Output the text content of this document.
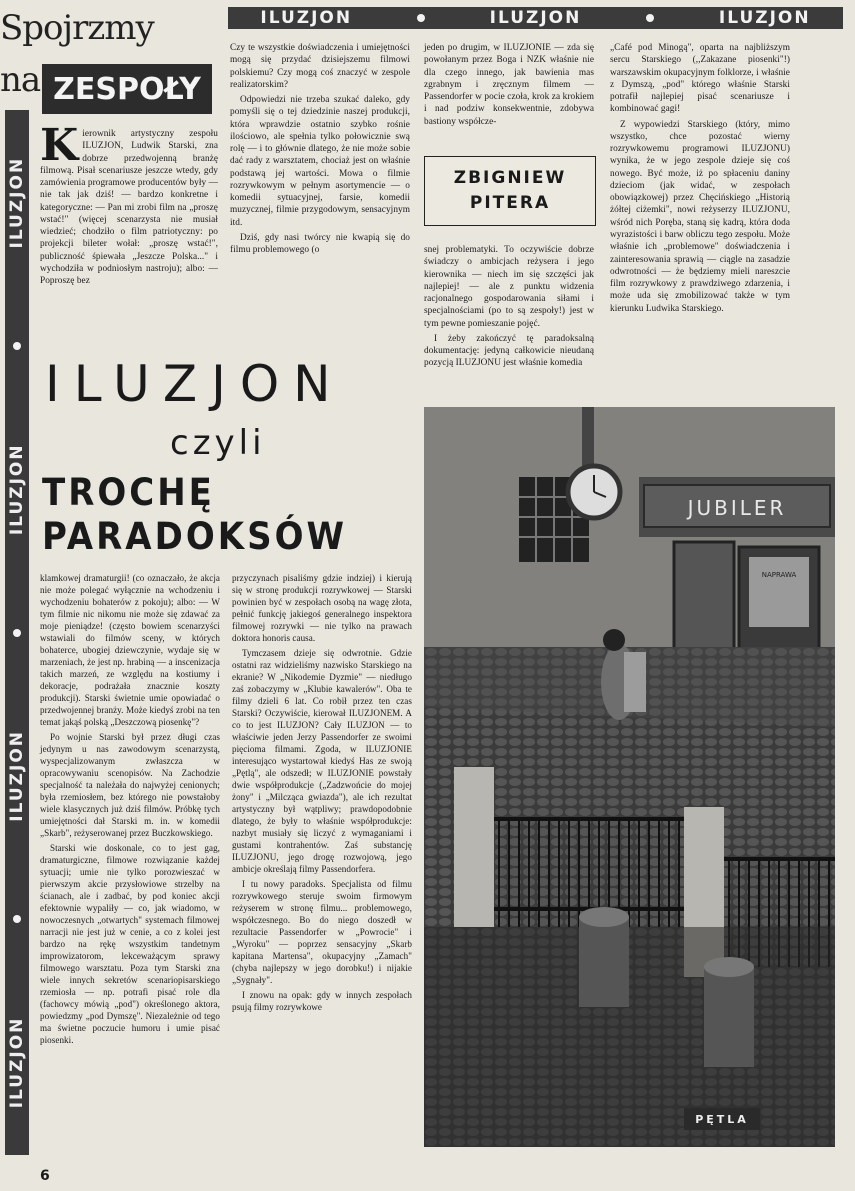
ILUZJON	ILUZJON	ILUZJON
Spojrzmy
na ZESPOŁY
ILUZJON
ILUZJON
ILUZJON
ILUZJON

Kierownik artystyczny zespołu ILUZJON, Ludwik Starski, zna dobrze przedwojenną branżę filmową. Pisał scenariusze jeszcze wtedy, gdy zamówienia programowe producentów były — nie tak jak dziś! — bardzo konkretne i kategoryczne: — Pan mi zrobi film na „proszę wstać!" (więcej scenarzysta nie musiał wiedzieć; chodziło o film patriotyczny: po projekcji bileter wołał: „proszę wstać!", publiczność śpiewała „Jeszcze Polska..." i wychodziła w podniosłym nastroju); albo: — Poproszę bez

Czy te wszystkie doświadczenia i umiejętności mogą się przydać dzisiejszemu filmowi polskiemu? Czy mogą coś znaczyć w zespole realizatorskim?

Odpowiedzi nie trzeba szukać daleko, gdy pomyśli się o tej dziedzinie naszej produkcji, która wprawdzie ostatnio szybko rośnie ilościowo, ale spełnia tylko połowicznie swą rolę — i to głównie dlatego, że nie może sobie dać rady z warsztatem, chociaż jest on właśnie podstawą jej wartości. Mowa o filmie rozrywkowym w pełnym asortymencie — o komedii sytuacyjnej, farsie, komedii muzycznej, filmie przygodowym, sensacyjnym itd.

Dziś, gdy nasi twórcy nie kwapią się do filmu problemowego (o

jeden po drugim, w ILUZJONIE — zda się powołanym przez Boga i NZK właśnie nie dla czego innego, jak bawienia mas zgrabnym i zręcznym filmem — Passendorfer w pocie czoła, krok za krokiem i nad podziw konsekwentnie, zdobywa bastiony współcze-

ZBIGNIEW
PITERA

snej problematyki. To oczywiście dobrze świadczy o ambicjach reżysera i jego kierownika — niech im się szczęści jak najlepiej! — ale z punktu widzenia racjonalnego gospodarowania siłami i specjalnościami (po to są zespoły!) jest w tym pewne pomieszanie pojęć.

I żeby zakończyć tę paradoksalną dokumentację: jedyną całkowicie nieudaną pozycją ILUZJONU jest właśnie komedia

„Café pod Minogą", oparta na najbliższym sercu Starskiego (,,Zakazane piosenki"!) warszawskim okupacyjnym folklorze, i właśnie z Dymszą, „pod" którego właśnie Starski potrafił najlepiej pisać scenariusze i kombinować gagi!

Z wypowiedzi Starskiego (który, mimo wszystko, chce pozostać wierny rozrywkowemu programowi ILUZJONU) wynika, że w jego zespole dzieje się coś nowego. Być może, iż po spłaceniu daniny dzieciom (jak widać, w zespołach obowiązkowej) przez Chęcińskiego „Historią żółtej ciżemki", nowi reżyserzy ILUZJONU, wśród nich Poręba, staną się kadrą, która doda wyrazistości i barw obliczu tego zespołu. Może właśnie ich „problemowe" doświadczenia i zainteresowania sprawią — ciągle na zasadzie odwrotności — że będziemy mieli nareszcie film rozrywkowy z prawdziwego zdarzenia, i może uda się zmobilizować także w tym kierunku Ludwika Starskiego.

ILUZJON
czyli
TROCHĘ PARADOKSÓW

klamkowej dramaturgii! (co oznaczało, że akcja nie może polegać wyłącznie na wchodzeniu i wychodzeniu bohaterów z pokoju); albo: — W tym filmie nic nikomu nie może się zdawać za moje pieniądze! (często bowiem scenarzyści wstawiali do filmów sceny, w których bohaterce, ubogiej dziewczynie, wydaje się w marzeniach, że jest np. hrabiną — a inscenizacja takich marzeń, ze względu na kostiumy i dekoracje, podrażała znacznie koszty produkcji). Starski świetnie umie opowiadać o przedwojennej branży. Może kiedyś zrobi na ten temat jakąś polską „Deszczową piosenkę"?

Po wojnie Starski był przez długi czas jedynym u nas zawodowym scenarzystą, wyspecjalizowanym zwłaszcza w opracowywaniu scenopisów. Na Zachodzie specjalność ta należała do najwyżej cenionych; była rzemiosłem, bez którego nie powstałoby wiele klasycznych już dziś filmów. Próbkę tych umiejętności dał Starski m. in. w komedii „Skarb", reżyserowanej przez Buczkowskiego.

Starski wie doskonale, co to jest gag, dramaturgiczne, filmowe rozwiązanie każdej sytuacji; umie nie tylko porozwieszać w pierwszym akcie przysłowiowe strzelby na ścianach, ale i zadbać, by pod koniec akcji efektownie wypaliły — co, jak wiadomo, w nowoczesnych „otwartych" systemach filmowej narracji nie jest już w cenie, a co z kolei jest bardzo na rękę wszystkim tandetnym improwizatorom, lekceważącym sprawy filmowego warsztatu. Poza tym Starski zna wiele innych sekretów scenariopisarskiego rzemiosła — np. potrafi pisać role dla (fachowcy mówią „pod") określonego aktora, powiedzmy „pod Dymszę". Niezależnie od tego ma świetne poczucie humoru i umie pisać piosenki.

przyczynach pisaliśmy gdzie indziej) i kierują się w stronę produkcji rozrywkowej — Starski powinien być w zespołach osobą na wagę złota, pełnić funkcję jakiegoś generalnego inspektora filmowej rozrywki — nie tylko na prawach doktora honoris causa.

Tymczasem dzieje się odwrotnie. Gdzie ostatni raz widzieliśmy nazwisko Starskiego na ekranie? W „Nikodemie Dyzmie" — niedługo zaś zobaczymy w „Klubie kawalerów". Oba te filmy dzieli 6 lat. Co robił przez ten czas Starski? Oczywiście, kierował ILUZJONEM. A co to jest ILUZJON? Cały ILUZJON — to właściwie jeden Jerzy Passendorfer ze swoimi pięcioma filmami. Zgoda, w ILUZJONIE interesująco wystartował kiedyś Has ze swoją „Pętlą", ale odszedł; w ILUZJONIE powstały dwie współprodukcje („Zadzwońcie do mojej żony" i „Milcząca gwiazda"), ale ich rezultat artystyczny był wątpliwy; prawdopodobnie dlatego, że były to właśnie współprodukcje: nazbyt musiały się liczyć z wymaganiami i gustami kontrahentów. Zaś substancję ILUZJONU, jego drogę rozwojową, jego ambicje określają filmy Passendorfera.

I tu nowy paradoks. Specjalista od filmu rozrywkowego steruje swoim firmowym reżyserem w stronę filmu... problemowego, współczesnego. Bo do niego doszedł w rezultacie Passendorfer w „Powrocie" i „Wyroku" — poprzez sensacyjny „Skarb kapitana Martensa", okupacyjny „Zamach" (chyba najlepszy w jego dorobku!) i nijakie „Sygnały".

I znowu na opak: gdy w innych zespołach psują filmy rozrywkowe

JUBILER
NAPRAWA
PĘTLA
6
